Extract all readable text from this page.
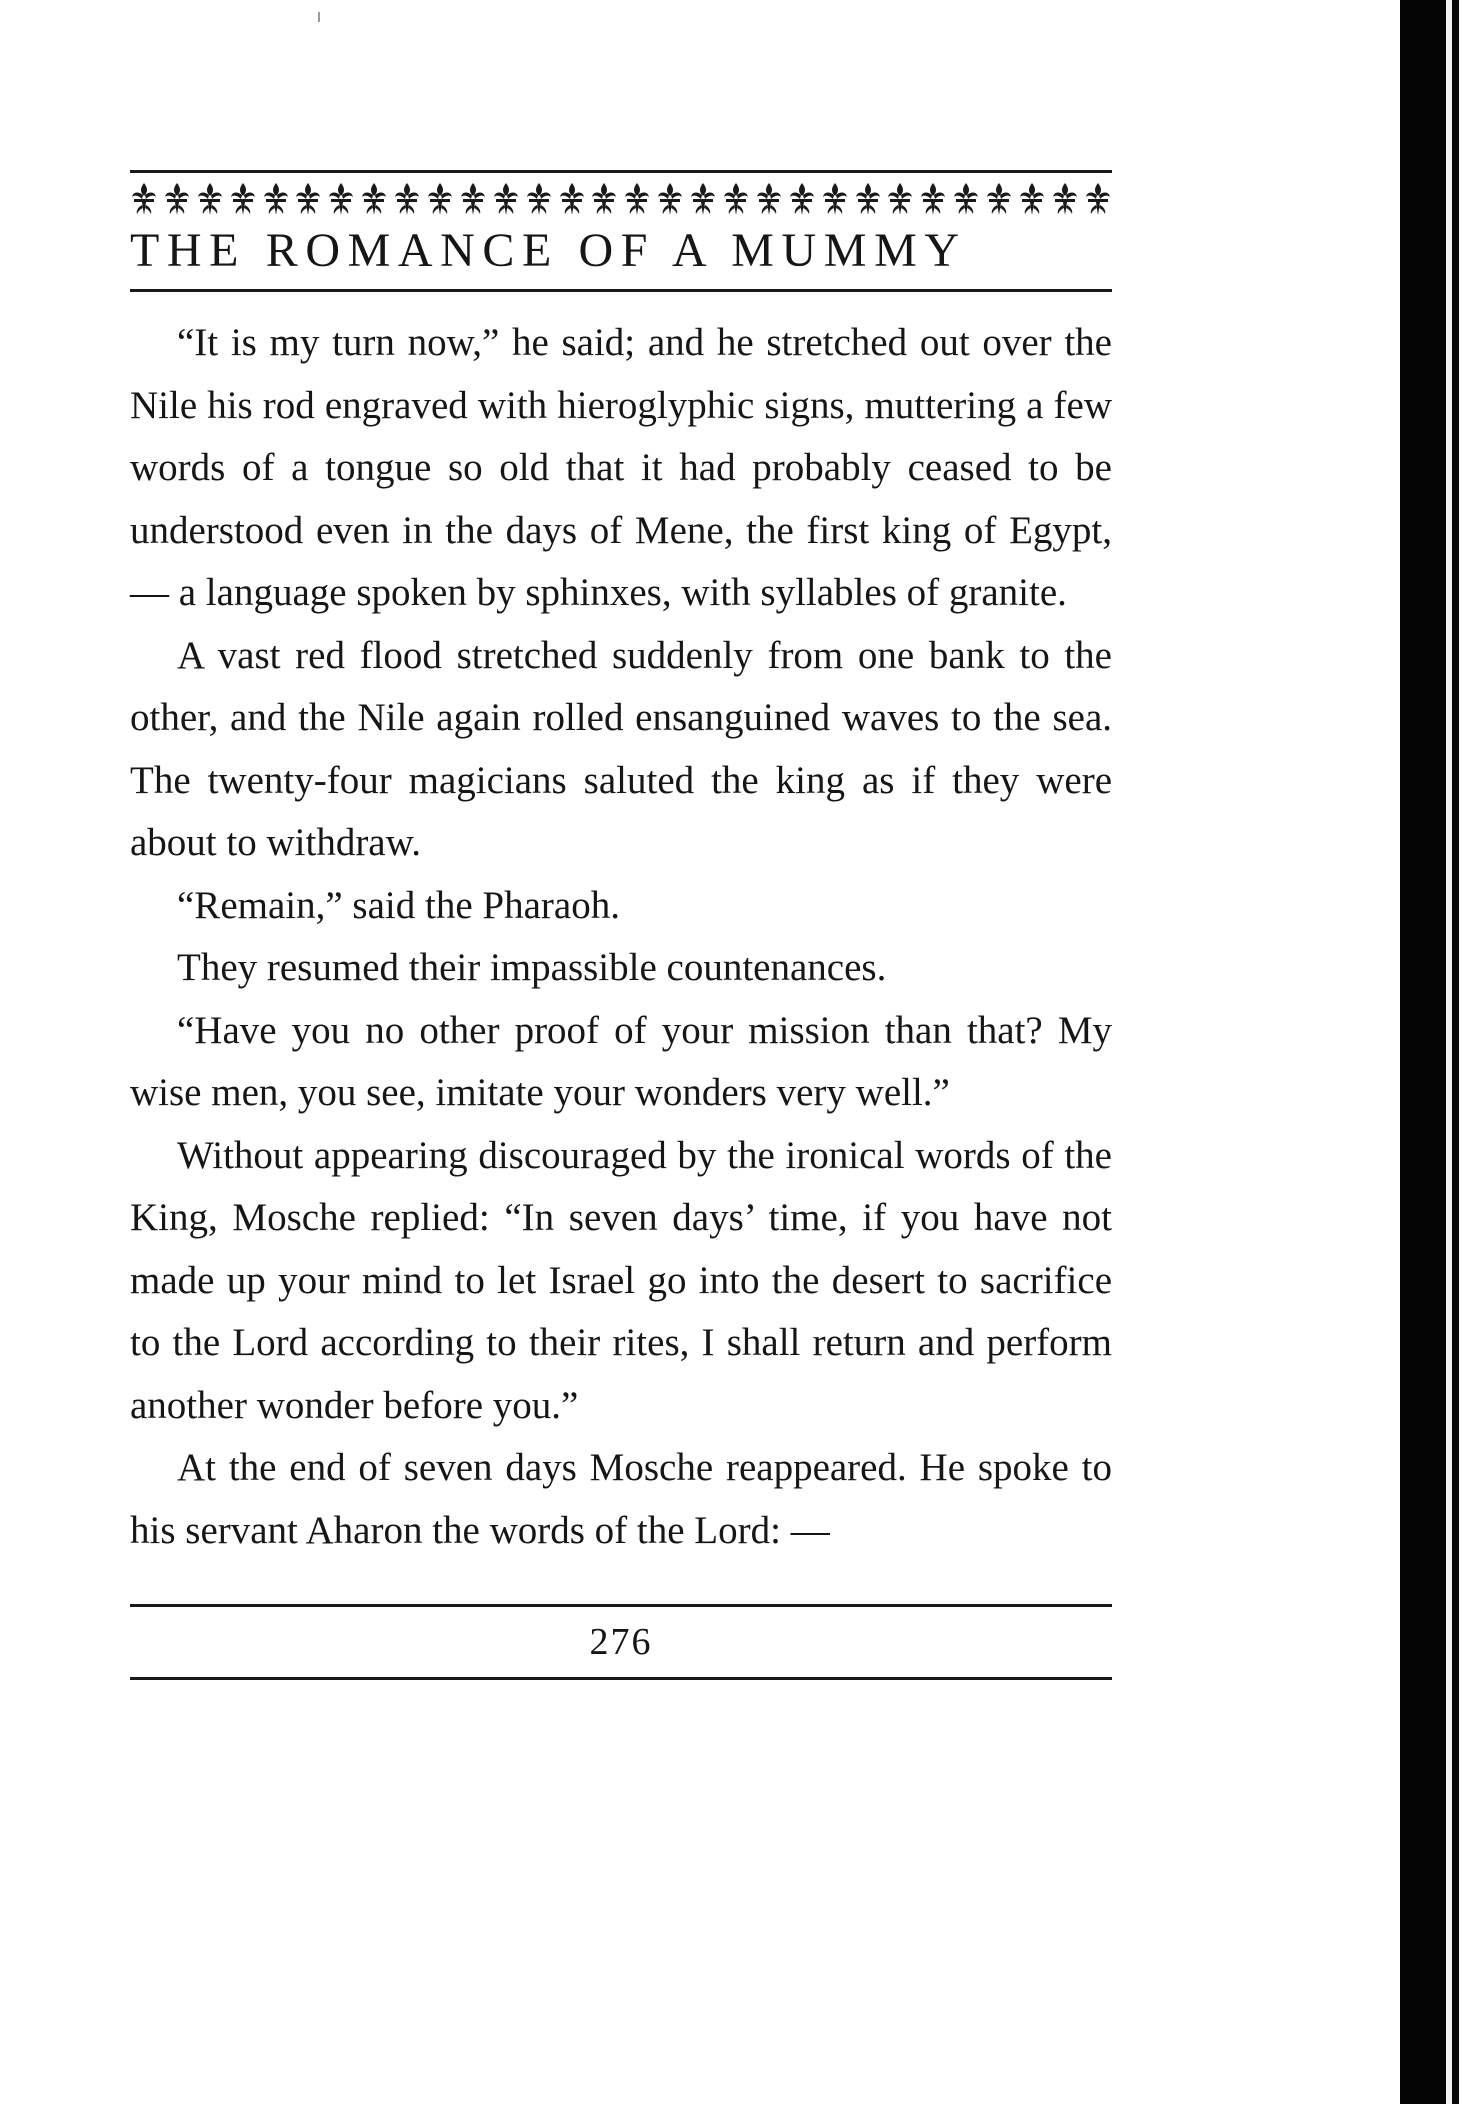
THE ROMANCE OF A MUMMY

“It is my turn now,” he said; and he stretched out over the Nile his rod engraved with hieroglyphic signs, muttering a few words of a tongue so old that it had probably ceased to be understood even in the days of Mene, the first king of Egypt, — a language spoken by sphinxes, with syllables of granite.

A vast red flood stretched suddenly from one bank to the other, and the Nile again rolled ensanguined waves to the sea. The twenty-four magicians saluted the king as if they were about to withdraw.

“Remain,” said the Pharaoh.

They resumed their impassible countenances.

“Have you no other proof of your mission than that? My wise men, you see, imitate your wonders very well.”

Without appearing discouraged by the ironical words of the King, Mosche replied: “In seven days’ time, if you have not made up your mind to let Israel go into the desert to sacrifice to the Lord according to their rites, I shall return and perform another wonder before you.”

At the end of seven days Mosche reappeared. He spoke to his servant Aharon the words of the Lord: —

276
